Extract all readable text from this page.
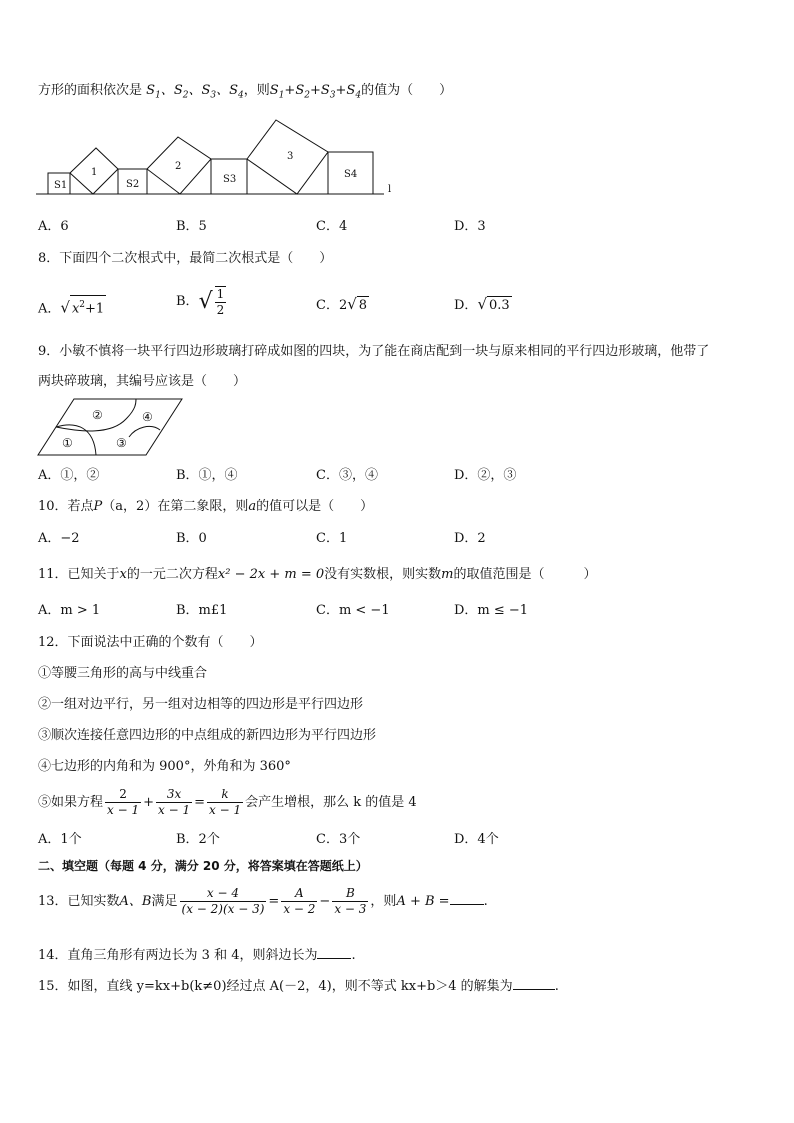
方形的面积依次是 $S_1$、$S_2$、$S_3$、$S_4$，则$S_1+S_2+S_3+S_4$的值为（　　）
S1
1
S2
2
S3
3
S4
l
A．6	B．5	C．4	D．3
8．下面四个二次根式中，最简二次根式是（　　）
A．√ $x^2+1$	B．√ $\frac{1}{2}$	C．2√ 8	D．√ 0.3
9．小敏不慎将一块平行四边形玻璃打碎成如图的四块，为了能在商店配到一块与原来相同的平行四边形玻璃，他带了
两块碎玻璃，其编号应该是（　　）
①
②
③
④
A．①，②	B．①，④	C．③，④	D．②，③
10．若点P（a，2）在第二象限，则a的值可以是（　　）
A．−2	B．0	C．1	D．2
11．已知关于x的一元二次方程x² − 2x + m = 0没有实数根，则实数m的取值范围是（　　　）
A．m > 1	B．m£1	C．m < −1	D．m ≤ −1
12．下面说法中正确的个数有（　　）
①等腰三角形的高与中线重合
②一组对边平行，另一组对边相等的四边形是平行四边形
③顺次连接任意四边形的中点组成的新四边形为平行四边形
④七边形的内角和为 900°，外角和为 360°
⑤如果方程 $\frac{2}{x - 1} + \frac{3x}{x - 1} = \frac{k}{x - 1}$ 会产生增根，那么 k 的值是 4
A．1个	B．2个	C．3个	D．4个
二、填空题（每题 4 分，满分 20 分，将答案填在答题纸上）
13．已知实数A、B满足 $\frac{x - 4}{(x - 2)(x - 3)} = \frac{A}{x - 2} - \frac{B}{x - 3}$ ，则A + B =	.
14．直角三角形有两边长为 3 和 4，则斜边长为	.
15．如图，直线 y=kx+b(k≠0)经过点 A(－2，4)，则不等式 kx+b＞4 的解集为	.
